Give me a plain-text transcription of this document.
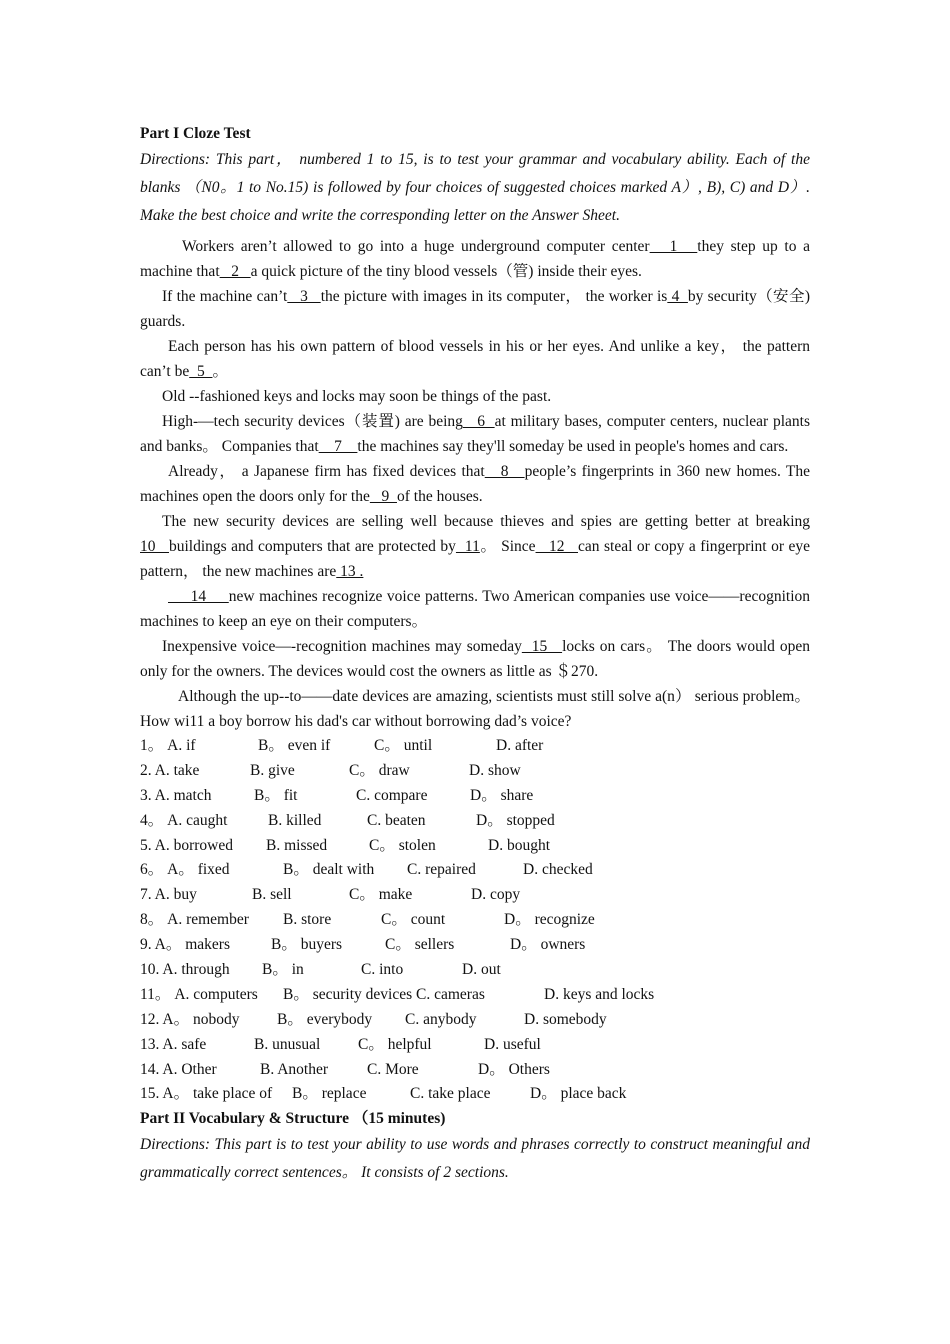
Part I Cloze Test

Directions: This part， numbered 1 to 15, is to test your grammar and vocabulary ability. Each of the blanks （N0。1 to No.15) is followed by four choices of suggested choices marked A）, B), C) and D）. Make the best choice and write the corresponding letter on the Answer Sheet.

Workers aren’t allowed to go into a huge underground computer center   1   they step up to a machine that   2   a quick picture of the tiny blood vessels（管) inside their eyes.

If the machine can’t   3   the picture with images in its computer， the worker is 4  by security（安全) guards.

Each person has his own pattern of blood vessels in his or her eyes. And unlike a key， the pattern can’t be  5  。

Old --fashioned keys and locks may soon be things of the past.

High-—tech security devices（装置) are being   6  at military bases, computer centers, nuclear plants and banks。 Companies that    7    the machines say they'll someday be used in people's homes and cars.

Already， a Japanese firm has fixed devices that   8   people’s fingerprints in 360 new homes. The machines open the doors only for the   9  of the houses.

The new security devices are selling well because thieves and spies are getting better at breaking 10   buildings and computers that are protected by  11。 Since   12   can steal or copy a fingerprint or eye pattern， the new machines are 13 .

14     new machines recognize voice patterns. Two American companies use voice——recognition machines to keep an eye on their computers。

Inexpensive voice—-recognition machines may someday  15   locks on cars。 The doors would open only for the owners. The devices would cost the owners as little as ＄270.

Although the up--to——date devices are amazing, scientists must still solve a(n） serious problem。 How wi11 a boy borrow his dad's car without borrowing dad’s voice?

1。 A. if	B。 even if	C。 until	D. after
2. A. take	B. give	C。 draw	D. show
3. A. match	B。 fit	C. compare	D。 share
4。 A. caught	B. killed	C. beaten	D。 stopped
5. A. borrowed B. missed	C。 stolen	D. bought
6。 A。 fixed	B。 dealt with C. repaired	D. checked
7. A. buy	B. sell	C。 make	D. copy
8。 A. remember B. store	C。 count	D。 recognize
9. A。 makers	B。 buyers	C。 sellers	D。 owners
10. A. through B。 in	C. into	D. out
11。 A. computers B。 security devices C. cameras	D. keys and locks
12. A。 nobody B。 everybody C. anybody	D. somebody
13. A. safe	B. unusual C。 helpful	D. useful
14. A. Other	B. Another	C. More	D。 Others
15. A。 take place of B。 replace	C. take place	D。 place back
Part II Vocabulary & Structure （15 minutes)

Directions: This part is to test your ability to use words and phrases correctly to construct meaningful and grammatically correct sentences。 It consists of 2 sections.
